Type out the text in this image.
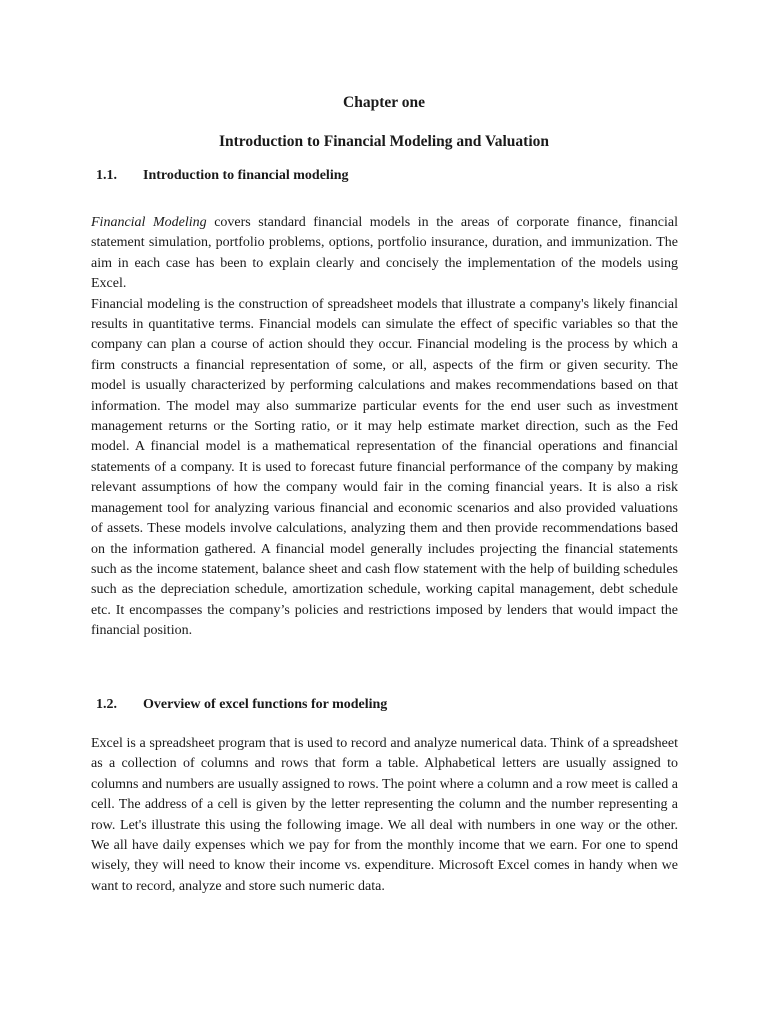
Chapter one
Introduction to Financial Modeling and Valuation
1.1. Introduction to financial modeling

Financial Modeling covers standard financial models in the areas of corporate finance, financial statement simulation, portfolio problems, options, portfolio insurance, duration, and immunization. The aim in each case has been to explain clearly and concisely the implementation of the models using Excel.

Financial modeling is the construction of spreadsheet models that illustrate a company's likely financial results in quantitative terms. Financial models can simulate the effect of specific variables so that the company can plan a course of action should they occur. Financial modeling is the process by which a firm constructs a financial representation of some, or all, aspects of the firm or given security. The model is usually characterized by performing calculations and makes recommendations based on that information. The model may also summarize particular events for the end user such as investment management returns or the Sorting ratio, or it may help estimate market direction, such as the Fed model. A financial model is a mathematical representation of the financial operations and financial statements of a company. It is used to forecast future financial performance of the company by making relevant assumptions of how the company would fair in the coming financial years. It is also a risk management tool for analyzing various financial and economic scenarios and also provided valuations of assets. These models involve calculations, analyzing them and then provide recommendations based on the information gathered. A financial model generally includes projecting the financial statements such as the income statement, balance sheet and cash flow statement with the help of building schedules such as the depreciation schedule, amortization schedule, working capital management, debt schedule etc. It encompasses the company’s policies and restrictions imposed by lenders that would impact the financial position.

1.2. Overview of excel functions for modeling

Excel is a spreadsheet program that is used to record and analyze numerical data. Think of a spreadsheet as a collection of columns and rows that form a table. Alphabetical letters are usually assigned to columns and numbers are usually assigned to rows. The point where a column and a row meet is called a cell. The address of a cell is given by the letter representing the column and the number representing a row. Let's illustrate this using the following image. We all deal with numbers in one way or the other. We all have daily expenses which we pay for from the monthly income that we earn. For one to spend wisely, they will need to know their income vs. expenditure. Microsoft Excel comes in handy when we want to record, analyze and store such numeric data.
